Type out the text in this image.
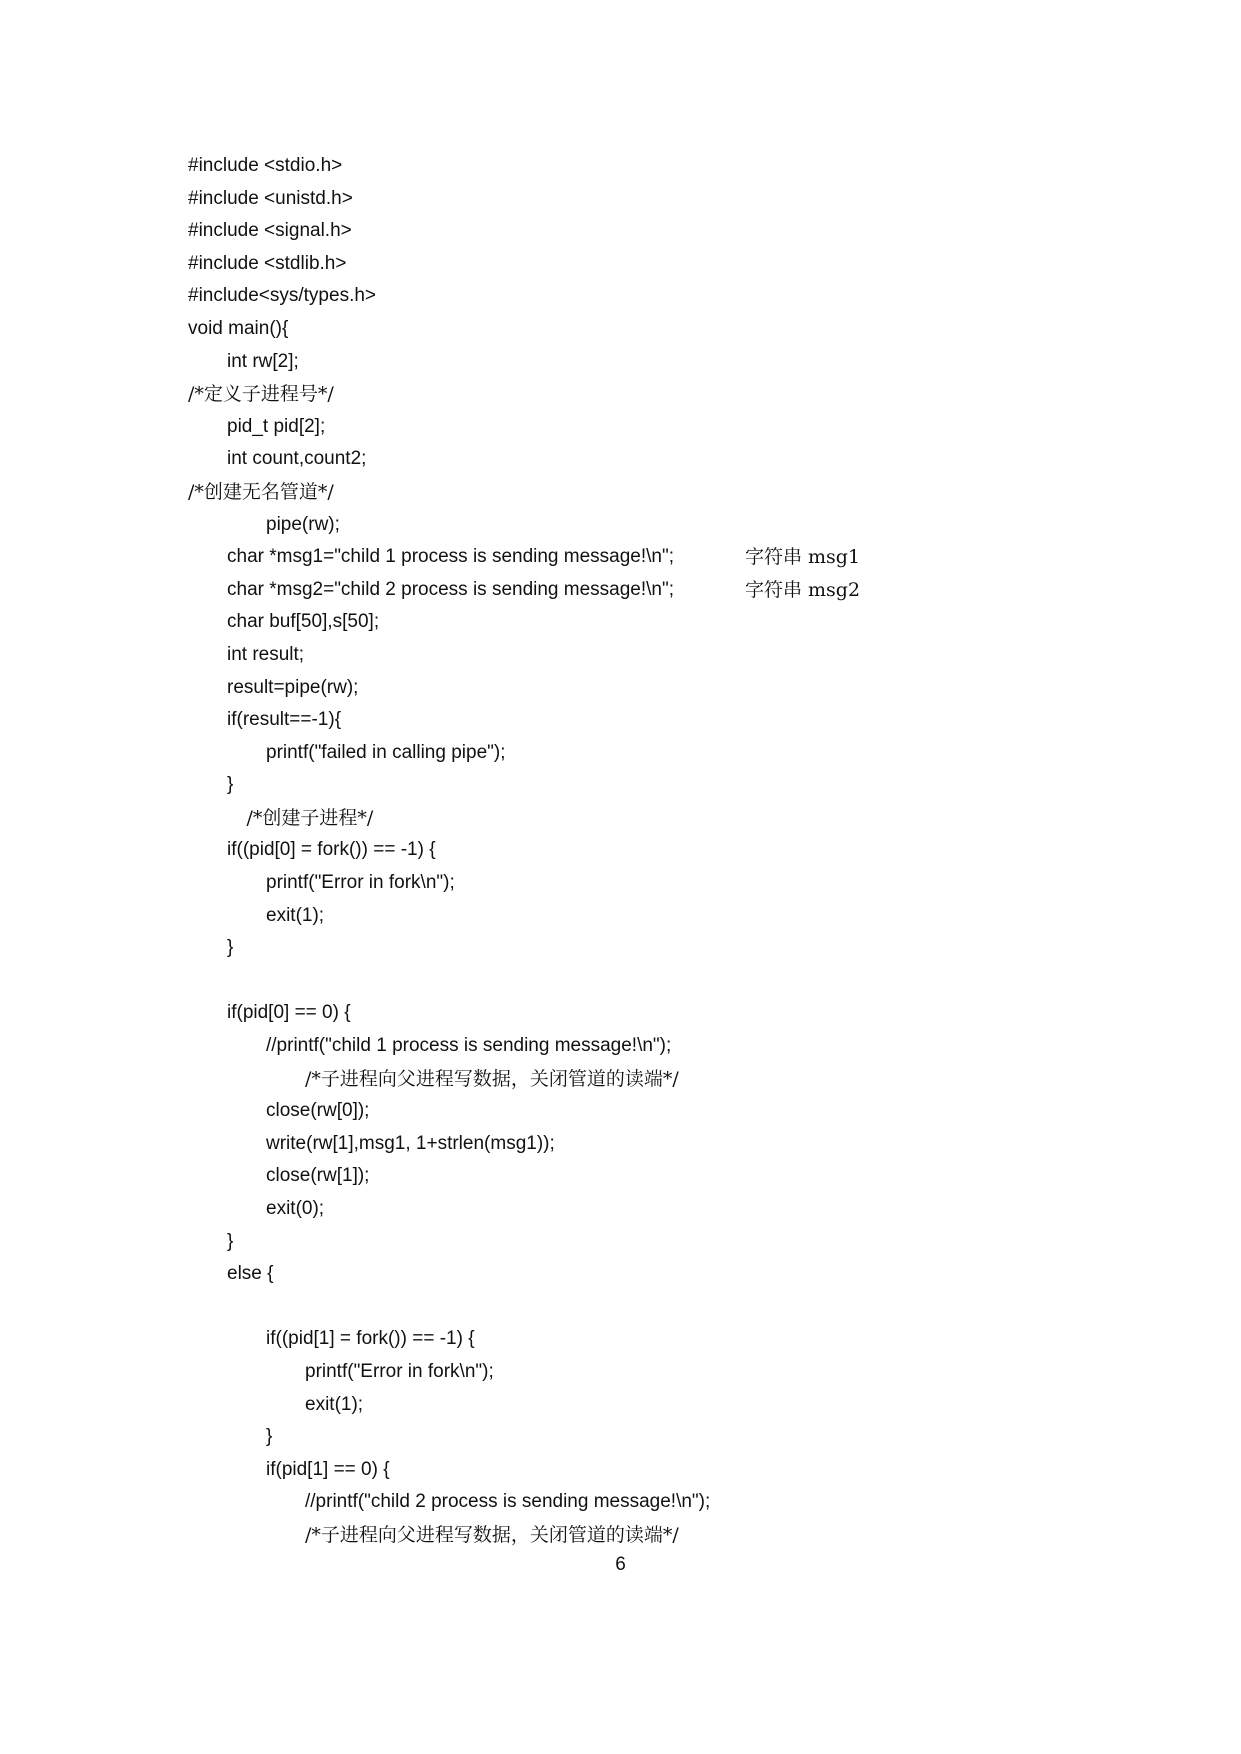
#include <stdio.h>
#include <unistd.h>
#include <signal.h>
#include <stdlib.h>
#include<sys/types.h>
void main(){
int rw[2];
/*定义子进程号*/
pid_t pid[2];
int count,count2;
/*创建无名管道*/
pipe(rw);
char *msg1="child 1 process is sending message!\n";	字符串 msg1
char *msg2="child 2 process is sending message!\n";	字符串 msg2
char buf[50],s[50];
int result;
result=pipe(rw);
if(result==-1){
printf("failed in calling pipe");
}
/*创建子进程*/
if((pid[0] = fork()) == -1) {
printf("Error in fork\n");
exit(1);
}
if(pid[0] == 0) {
//printf("child 1 process is sending message!\n");
/*子进程向父进程写数据，关闭管道的读端*/
close(rw[0]);
write(rw[1],msg1, 1+strlen(msg1));
close(rw[1]);
exit(0);
}
else {
if((pid[1] = fork()) == -1) {
printf("Error in fork\n");
exit(1);
}
if(pid[1] == 0) {
//printf("child 2 process is sending message!\n");
/*子进程向父进程写数据，关闭管道的读端*/
6
